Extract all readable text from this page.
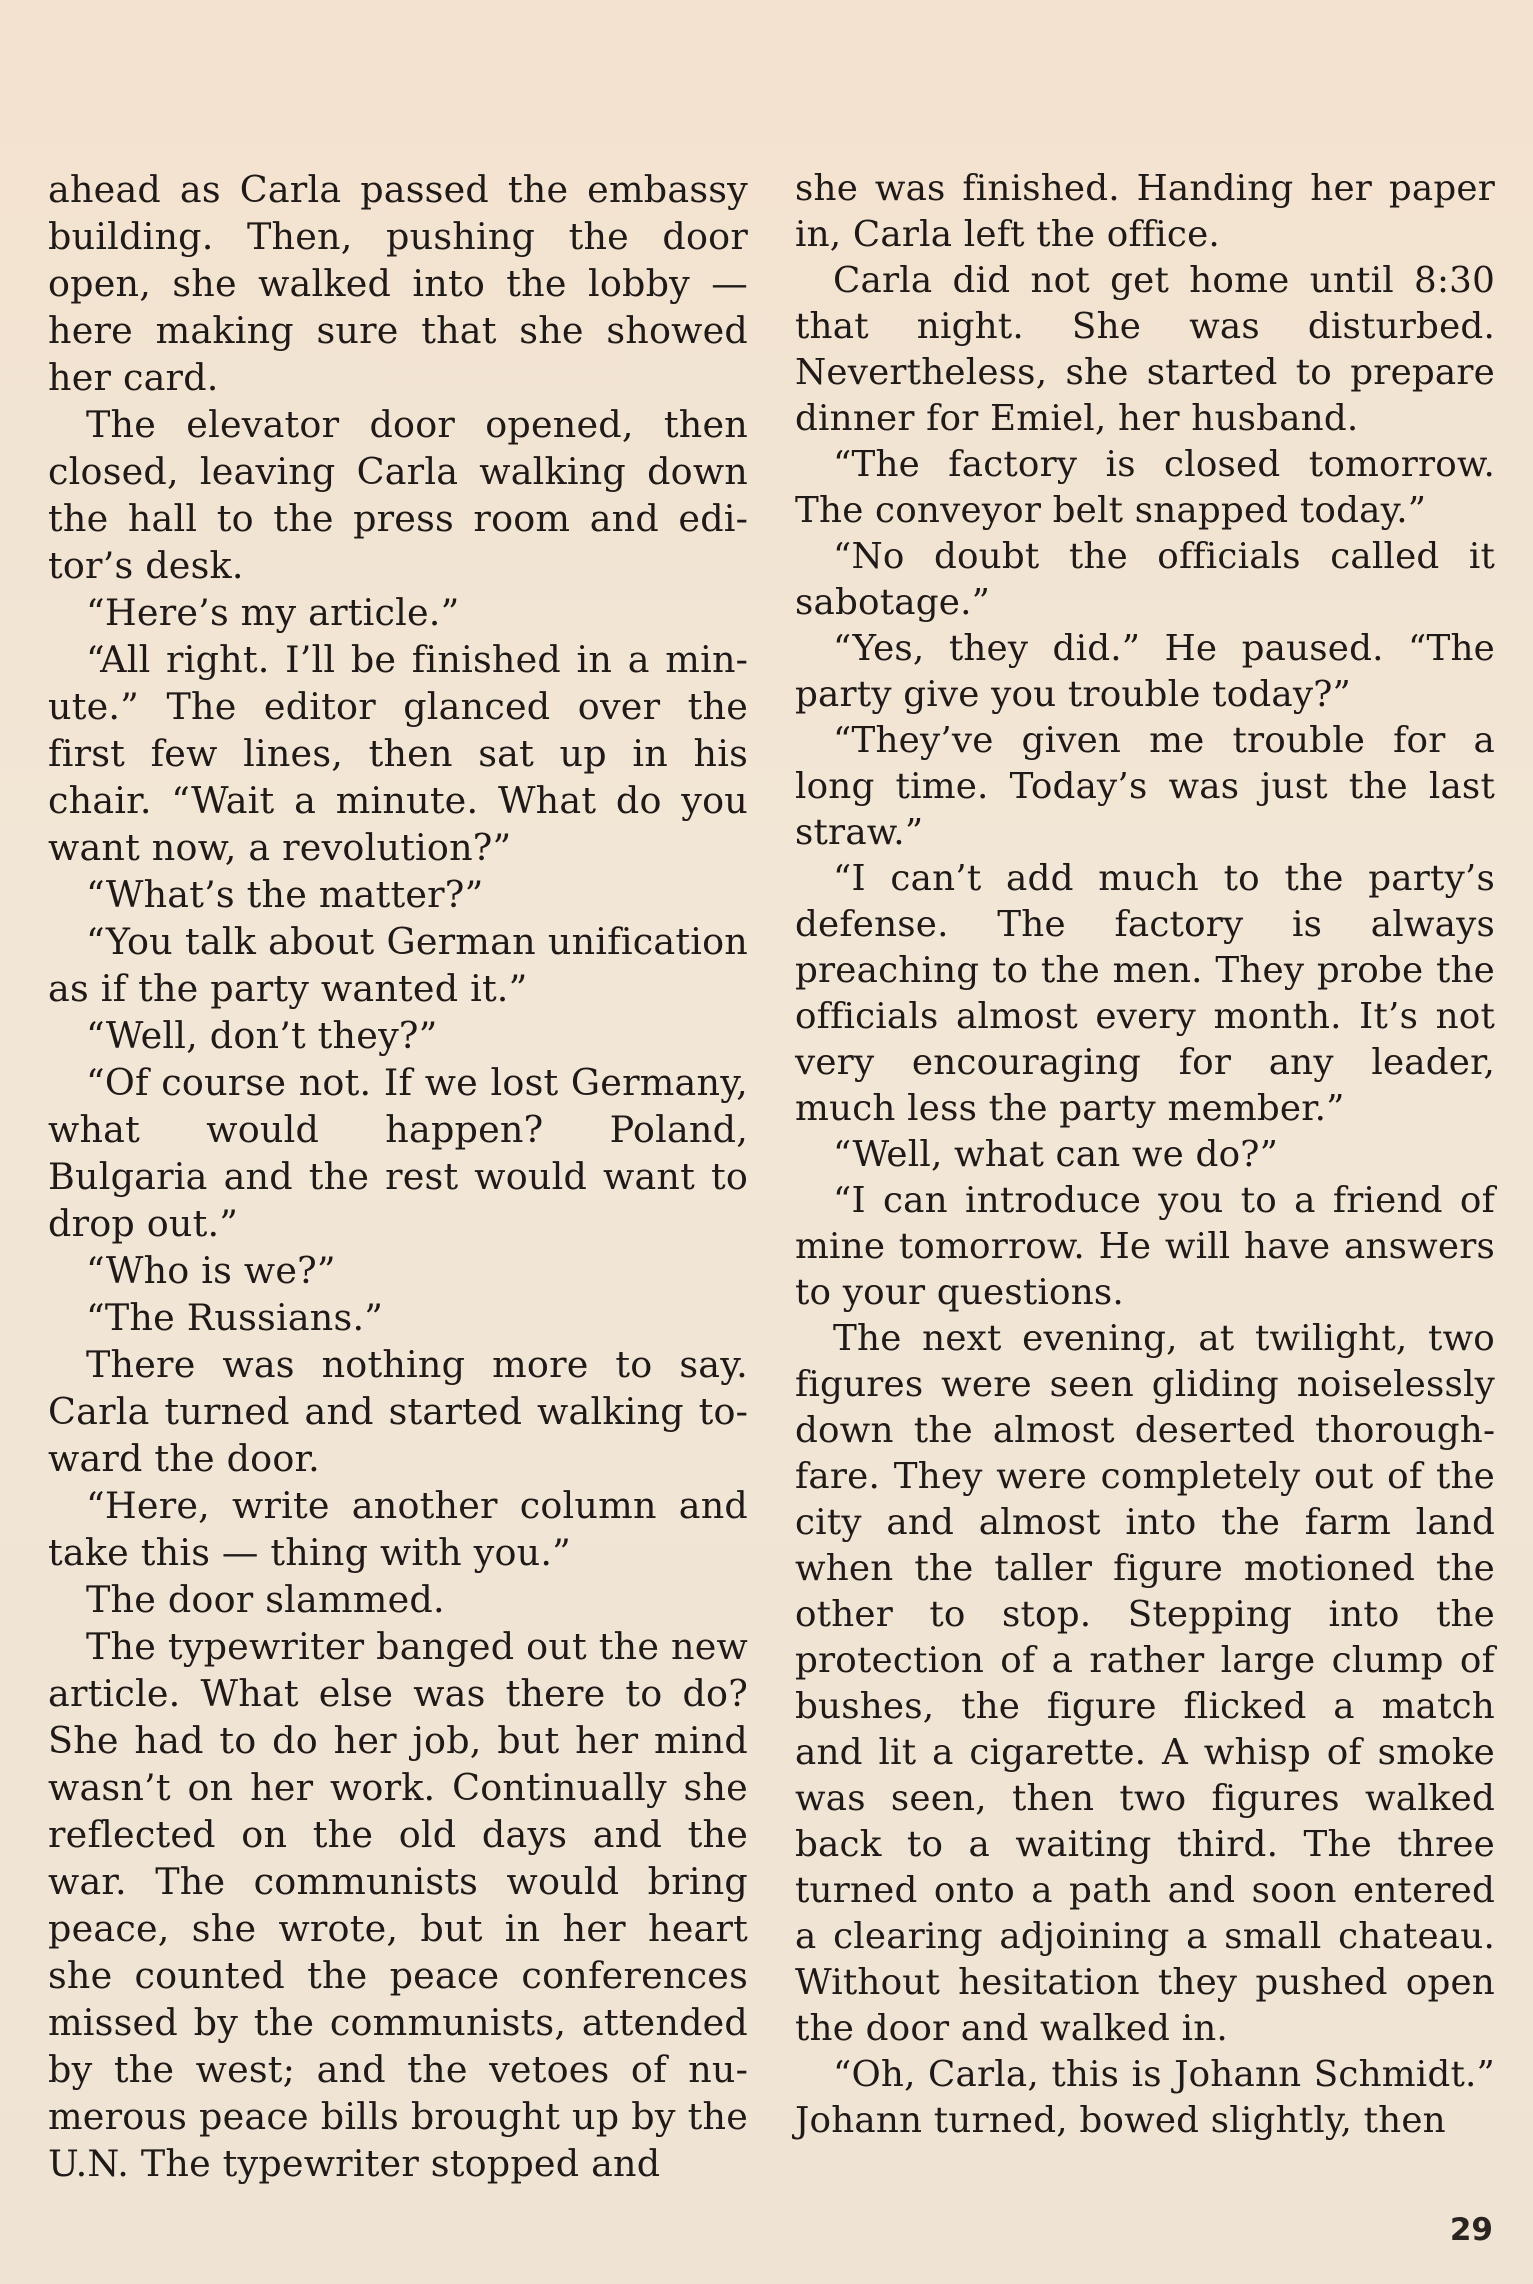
ahead as Carla passed the embassy building. Then, pushing the door open, she walked into the lobby — here making sure that she showed her card.

The elevator door opened, then closed, leaving Carla walking down the hall to the press room and editor’s desk.

“Here’s my article.”

“All right. I’ll be finished in a minute.” The editor glanced over the first few lines, then sat up in his chair. “Wait a minute. What do you want now, a revolution?”

“What’s the matter?”

“You talk about German unification as if the party wanted it.”

“Well, don’t they?”

“Of course not. If we lost Germany, what would happen? Poland, Bulgaria and the rest would want to drop out.”

“Who is we?”

“The Russians.”

There was nothing more to say. Carla turned and started walking toward the door.

“Here, write another column and take this — thing with you.”

The door slammed.

The typewriter banged out the new article. What else was there to do? She had to do her job, but her mind wasn’t on her work. Continually she reflected on the old days and the war. The communists would bring peace, she wrote, but in her heart she counted the peace conferences missed by the communists, attended by the west; and the vetoes of numerous peace bills brought up by the U.N. The typewriter stopped and

she was finished. Handing her paper in, Carla left the office.

Carla did not get home until 8:30 that night. She was disturbed. Nevertheless, she started to prepare dinner for Emiel, her husband.

“The factory is closed tomorrow. The conveyor belt snapped today.”

“No doubt the officials called it sabotage.”

“Yes, they did.” He paused. “The party give you trouble today?”

“They’ve given me trouble for a long time. Today’s was just the last straw.”

“I can’t add much to the party’s defense. The factory is always preaching to the men. They probe the officials almost every month. It’s not very encouraging for any leader, much less the party member.”

“Well, what can we do?”

“I can introduce you to a friend of mine tomorrow. He will have answers to your questions.

The next evening, at twilight, two figures were seen gliding noiselessly down the almost deserted thoroughfare. They were completely out of the city and almost into the farm land when the taller figure motioned the other to stop. Stepping into the protection of a rather large clump of bushes, the figure flicked a match and lit a cigarette. A whisp of smoke was seen, then two figures walked back to a waiting third. The three turned onto a path and soon entered a clearing adjoining a small chateau. Without hesitation they pushed open the door and walked in.

“Oh, Carla, this is Johann Schmidt.” Johann turned, bowed slightly, then

29
